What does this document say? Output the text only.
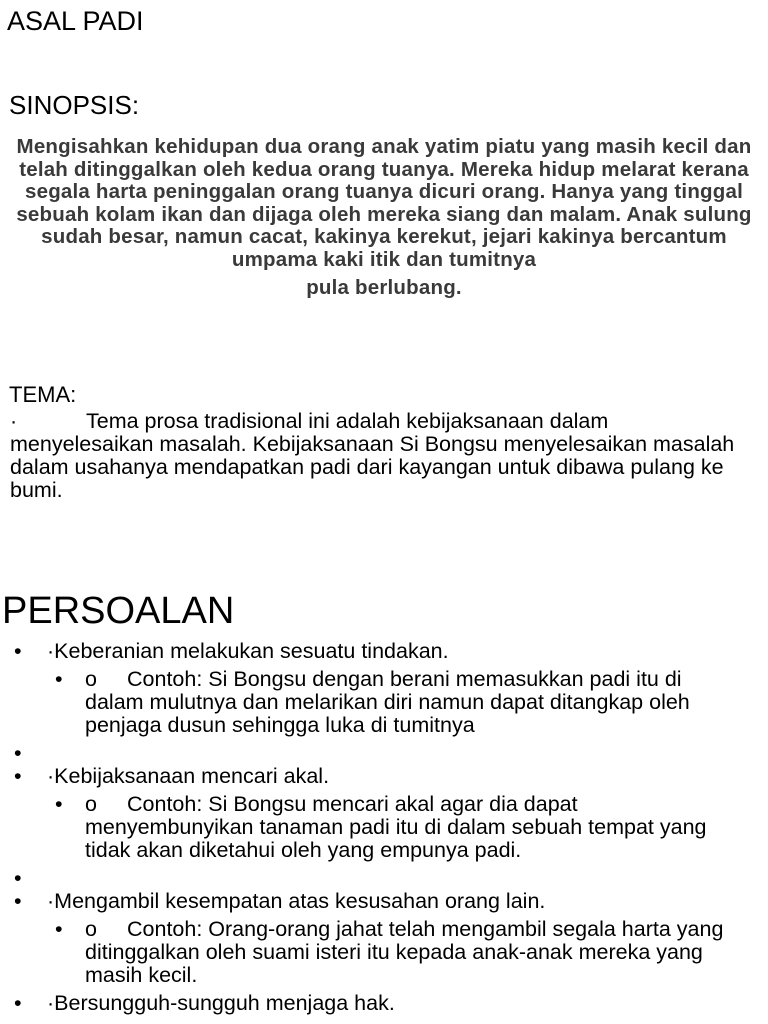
ASAL PADI
SINOPSIS:
Mengisahkan kehidupan dua orang anak yatim piatu yang masih kecil dan telah ditinggalkan oleh kedua orang tuanya. Mereka hidup melarat kerana segala harta peninggalan orang tuanya dicuri orang. Hanya yang tinggal sebuah kolam ikan dan dijaga oleh mereka siang dan malam. Anak sulung sudah besar, namun cacat, kakinya kerekut, jejari kakinya bercantum umpama kaki itik dan tumitnya
pula berlubang.
TEMA:
·	Tema prosa tradisional ini adalah kebijaksanaan dalam menyelesaikan masalah. Kebijaksanaan Si Bongsu menyelesaikan masalah dalam usahanya mendapatkan padi dari kayangan untuk dibawa pulang ke bumi.
PERSOALAN
• ·Keberanian melakukan sesuatu tindakan.
• o Contoh: Si Bongsu dengan berani memasukkan padi itu di dalam mulutnya dan melarikan diri namun dapat ditangkap oleh penjaga dusun sehingga luka di tumitnya
•
• ·Kebijaksanaan mencari akal.
• o Contoh: Si Bongsu mencari akal agar dia dapat menyembunyikan tanaman padi itu di dalam sebuah tempat yang tidak akan diketahui oleh yang empunya padi.
•
• ·Mengambil kesempatan atas kesusahan orang lain.
• o Contoh: Orang-orang jahat telah mengambil segala harta yang ditinggalkan oleh suami isteri itu kepada anak-anak mereka yang masih kecil.
• ·Bersungguh-sungguh menjaga hak.
